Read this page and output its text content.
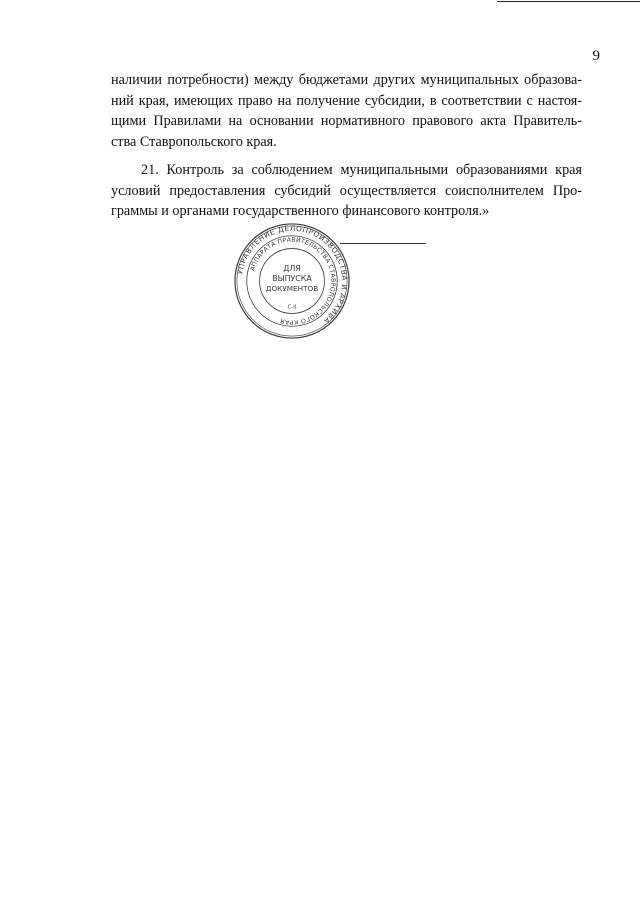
9
наличии потребности) между бюджетами других муниципальных образова-
ний края, имеющих право на получение субсидии, в соответствии с настоя-
щими Правилами на основании нормативного правового акта Правитель-
ства Ставропольского края.
21. Контроль за соблюдением муниципальными образованиями края
условий предоставления субсидий осуществляется соисполнителем Про-
граммы и органами государственного финансового контроля.»
УПРАВЛЕНИЕ ДЕЛОПРОИЗВОДСТВА И АРХИВА
АППАРАТА ПРАВИТЕЛЬСТВА СТАВРОПОЛЬСКОГО КРАЯ
ДЛЯ
ВЫПУСКА
ДОКУМЕНТОВ
С-II
